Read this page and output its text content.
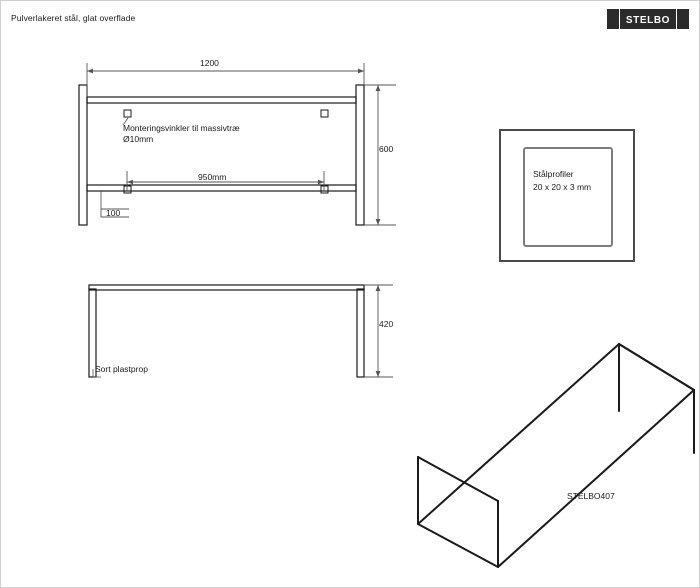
Pulverlakeret stål, glat overflade	STELBO
1200
600
950mm
100
Monteringsvinkler til massivtræ
Ø10mm
420
Sort plastprop
STELBO407
Stålprofiler
20 x 20 x 3 mm
